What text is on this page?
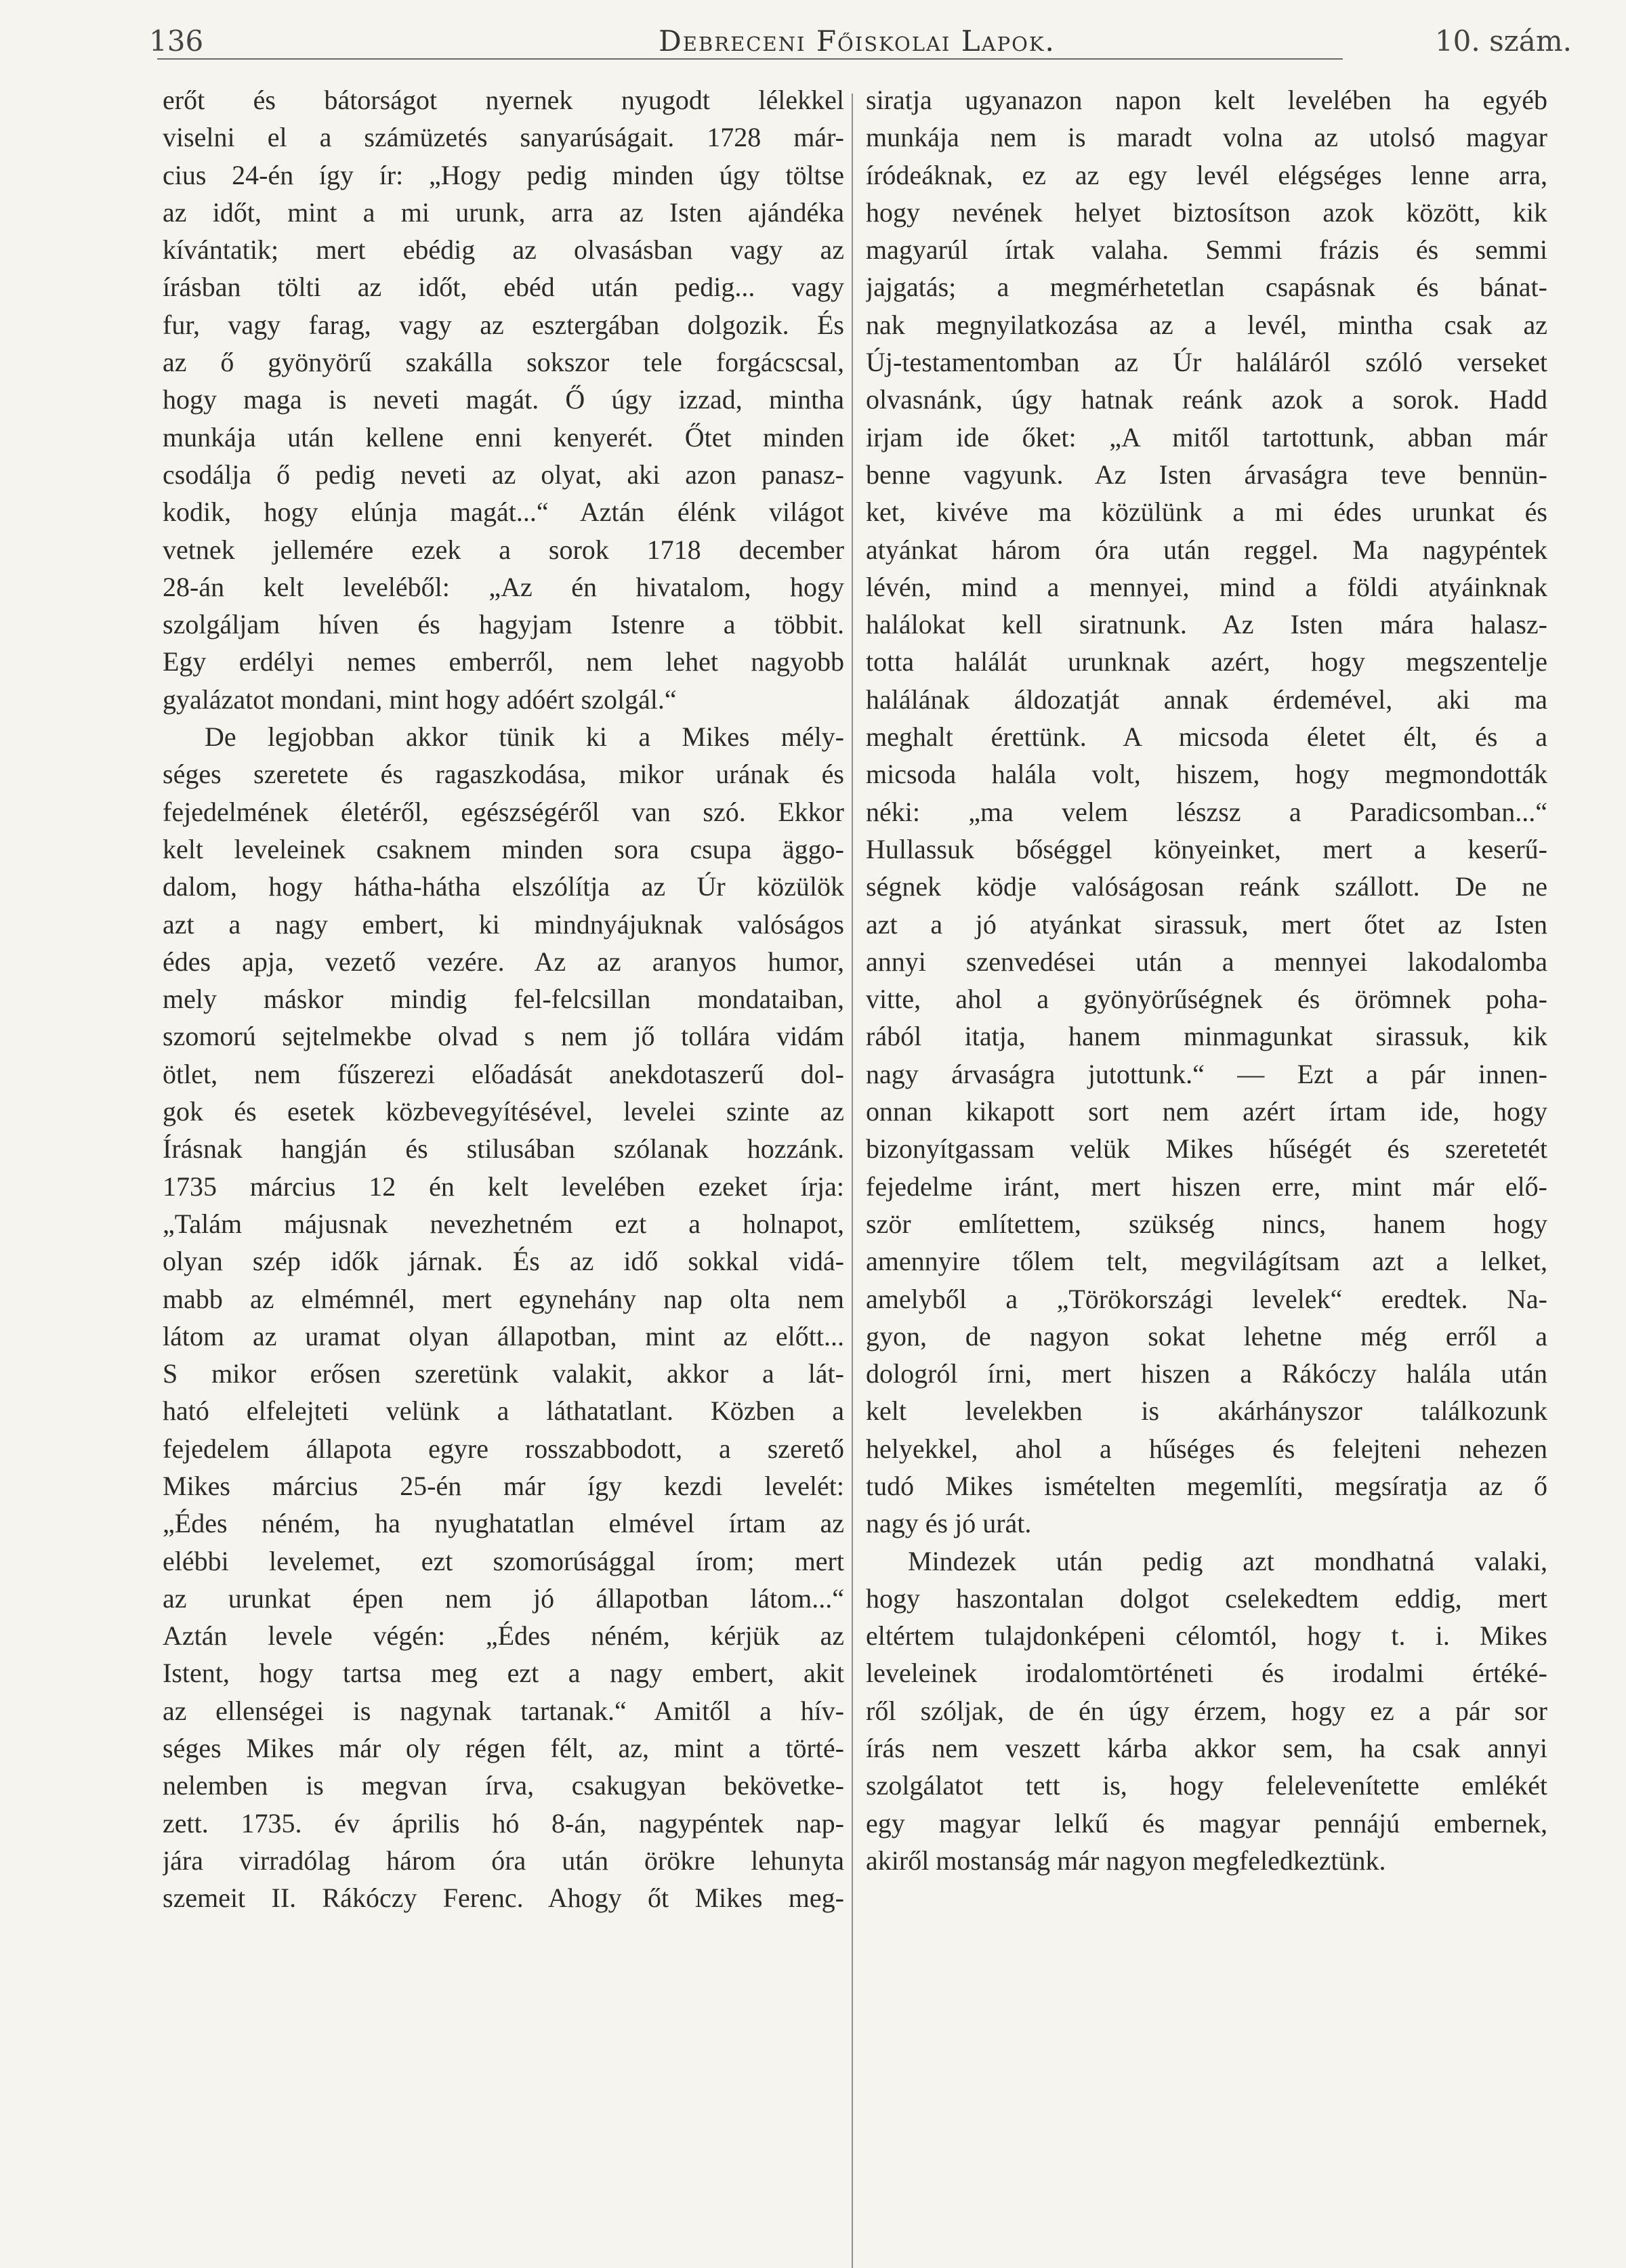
136	Debreceni Főiskolai Lapok.	10. szám.
erőt és bátorságot nyernek nyugodt lélekkel
viselni el a számüzetés sanyarúságait. 1728 már-
cius 24-én így ír: „Hogy pedig minden úgy töltse
az időt, mint a mi urunk, arra az Isten ajándéka
kívántatik; mert ebédig az olvasásban vagy az
írásban tölti az időt, ebéd után pedig... vagy
fur, vagy farag, vagy az esztergában dolgozik. És
az ő gyönyörű szakálla sokszor tele forgácscsal,
hogy maga is neveti magát. Ő úgy izzad, mintha
munkája után kellene enni kenyerét. Őtet minden
csodálja ő pedig neveti az olyat, aki azon panasz-
kodik, hogy elúnja magát...“ Aztán élénk világot
vetnek jellemére ezek a sorok 1718 december
28-án kelt leveléből: „Az én hivatalom, hogy
szolgáljam híven és hagyjam Istenre a többit.
Egy erdélyi nemes emberről, nem lehet nagyobb
gyalázatot mondani, mint hogy adóért szolgál.“
De legjobban akkor tünik ki a Mikes mély-
séges szeretete és ragaszkodása, mikor urának és
fejedelmének életéről, egészségéről van szó. Ekkor
kelt leveleinek csaknem minden sora csupa äggo-
dalom, hogy hátha-hátha elszólítja az Úr közülök
azt a nagy embert, ki mindnyájuknak valóságos
édes apja, vezető vezére. Az az aranyos humor,
mely máskor mindig fel-felcsillan mondataiban,
szomorú sejtelmekbe olvad s nem jő tollára vidám
ötlet, nem fűszerezi előadását anekdotaszerű dol-
gok és esetek közbevegyítésével, levelei szinte az
Írásnak hangján és stilusában szólanak hozzánk.
1735 március 12 én kelt levelében ezeket írja:
„Talám májusnak nevezhetném ezt a holnapot,
olyan szép idők járnak. És az idő sokkal vidá-
mabb az elmémnél, mert egynehány nap olta nem
látom az uramat olyan állapotban, mint az előtt...
S mikor erősen szeretünk valakit, akkor a lát-
ható elfelejteti velünk a láthatatlant. Közben a
fejedelem állapota egyre rosszabbodott, a szerető
Mikes március 25-én már így kezdi levelét:
„Édes néném, ha nyughatatlan elmével írtam az
elébbi levelemet, ezt szomorúsággal írom; mert
az urunkat épen nem jó állapotban látom...“
Aztán levele végén: „Édes néném, kérjük az
Istent, hogy tartsa meg ezt a nagy embert, akit
az ellenségei is nagynak tartanak.“ Amitől a hív-
séges Mikes már oly régen félt, az, mint a törté-
nelemben is megvan írva, csakugyan bekövetke-
zett. 1735. év április hó 8-án, nagypéntek nap-
jára virradólag három óra után örökre lehunyta
szemeit II. Rákóczy Ferenc. Ahogy őt Mikes meg-
siratja ugyanazon napon kelt levelében ha egyéb
munkája nem is maradt volna az utolsó magyar
íródeáknak, ez az egy levél elégséges lenne arra,
hogy nevének helyet biztosítson azok között, kik
magyarúl írtak valaha. Semmi frázis és semmi
jajgatás; a megmérhetetlan csapásnak és bánat-
nak megnyilatkozása az a levél, mintha csak az
Új-testamentomban az Úr haláláról szóló verseket
olvasnánk, úgy hatnak reánk azok a sorok. Hadd
irjam ide őket: „A mitől tartottunk, abban már
benne vagyunk. Az Isten árvaságra teve bennün-
ket, kivéve ma közülünk a mi édes urunkat és
atyánkat három óra után reggel. Ma nagypéntek
lévén, mind a mennyei, mind a földi atyáinknak
halálokat kell siratnunk. Az Isten mára halasz-
totta halálát urunknak azért, hogy megszentelje
halálának áldozatját annak érdemével, aki ma
meghalt érettünk. A micsoda életet élt, és a
micsoda halála volt, hiszem, hogy megmondották
néki: „ma velem lészsz a Paradicsomban...“
Hullassuk bőséggel könyeinket, mert a keserű-
ségnek ködje valóságosan reánk szállott. De ne
azt a jó atyánkat sirassuk, mert őtet az Isten
annyi szenvedései után a mennyei lakodalomba
vitte, ahol a gyönyörűségnek és örömnek poha-
rából itatja, hanem minmagunkat sirassuk, kik
nagy árvaságra jutottunk.“ — Ezt a pár innen-
onnan kikapott sort nem azért írtam ide, hogy
bizonyítgassam velük Mikes hűségét és szeretetét
fejedelme iránt, mert hiszen erre, mint már elő-
ször említettem, szükség nincs, hanem hogy
amennyire tőlem telt, megvilágítsam azt a lelket,
amelyből a „Törökországi levelek“ eredtek. Na-
gyon, de nagyon sokat lehetne még erről a
dologról írni, mert hiszen a Rákóczy halála után
kelt levelekben is akárhányszor találkozunk
helyekkel, ahol a hűséges és felejteni nehezen
tudó Mikes ismételten megemlíti, megsíratja az ő
nagy és jó urát.
Mindezek után pedig azt mondhatná valaki,
hogy haszontalan dolgot cselekedtem eddig, mert
eltértem tulajdonképeni célomtól, hogy t. i. Mikes
leveleinek irodalomtörténeti és irodalmi értéké-
ről szóljak, de én úgy érzem, hogy ez a pár sor
írás nem veszett kárba akkor sem, ha csak annyi
szolgálatot tett is, hogy felelevenítette emlékét
egy magyar lelkű és magyar pennájú embernek,
akiről mostanság már nagyon megfeledkeztünk.
